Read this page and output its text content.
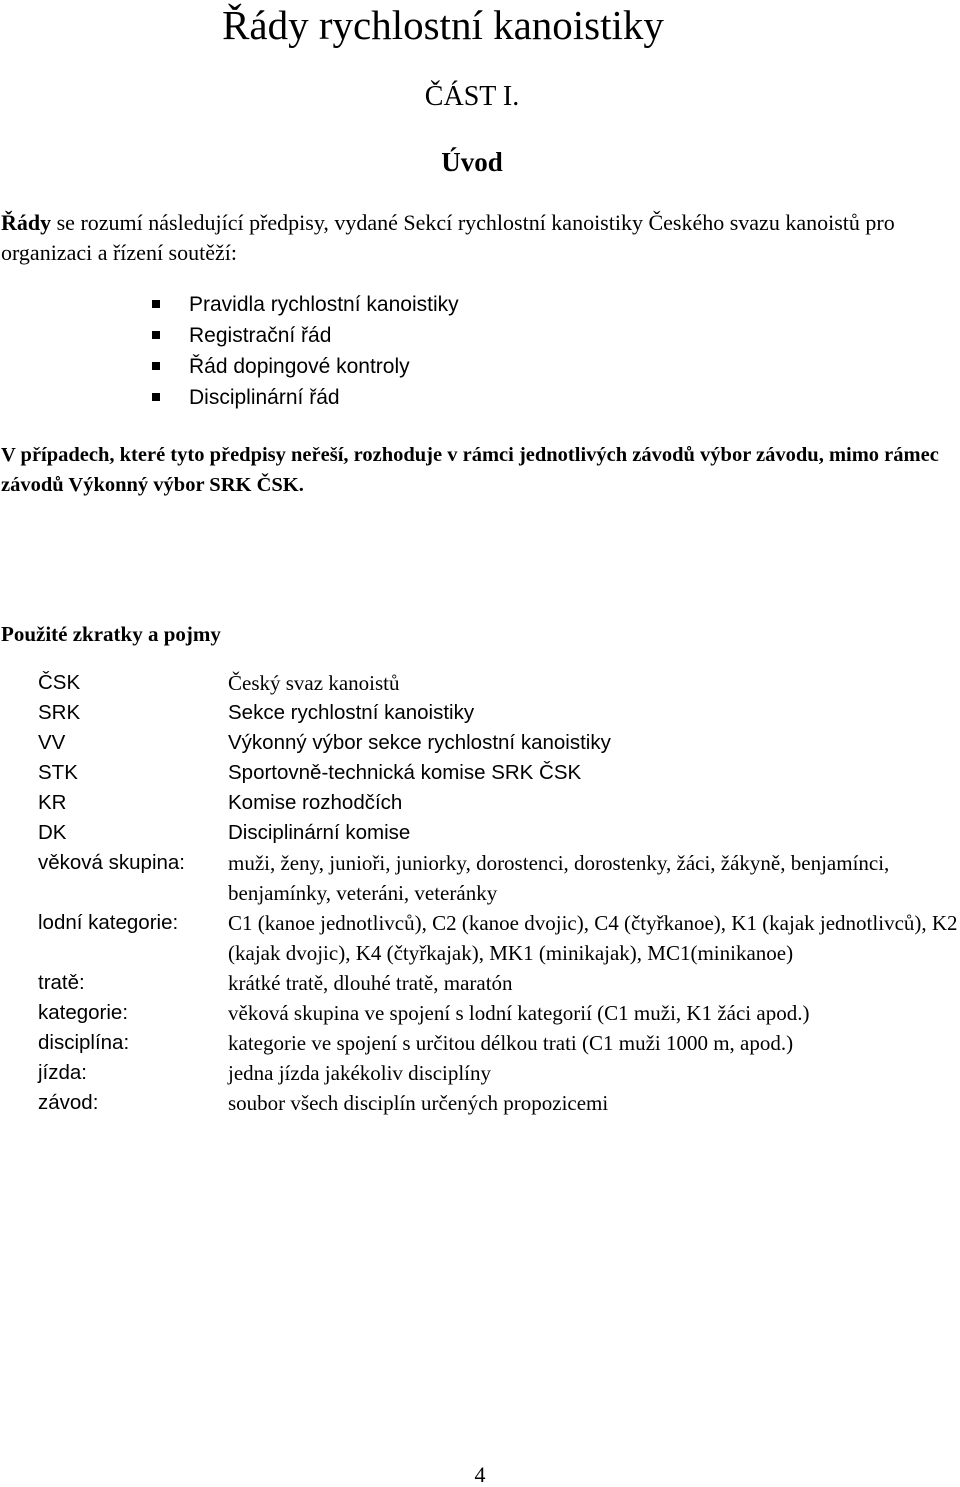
Řády rychlostní kanoistiky
ČÁST I.
Úvod
Řády se rozumí následující předpisy, vydané Sekcí rychlostní kanoistiky Českého svazu kanoistů pro organizaci a řízení soutěží:
Pravidla rychlostní kanoistiky
Registrační řád
Řád dopingové kontroly
Disciplinární řád
V případech, které tyto předpisy neřeší, rozhoduje v rámci jednotlivých závodů výbor závodu, mimo rámec závodů Výkonný výbor SRK ČSK.
Použité zkratky a pojmy
ČSK	Český svaz kanoistů
SRK	Sekce rychlostní kanoistiky
VV	Výkonný výbor sekce rychlostní kanoistiky
STK	Sportovně-technická komise SRK ČSK
KR	Komise rozhodčích
DK	Disciplinární komise
věková skupina: muži, ženy, junioři, juniorky, dorostenci, dorostenky, žáci, žákyně, benjamínci, benjamínky, veteráni, veteránky
lodní kategorie: C1 (kanoe jednotlivců), C2 (kanoe dvojic), C4 (čtyřkanoe), K1 (kajak jednotlivců), K2 (kajak dvojic), K4 (čtyřkajak), MK1 (minikajak), MC1(minikanoe)
tratě:	krátké tratě, dlouhé tratě, maratón
kategorie:	věková skupina ve spojení s lodní kategorií (C1 muži, K1 žáci apod.)
disciplína:	kategorie ve spojení s určitou délkou trati (C1 muži 1000 m, apod.)
jízda:	jedna jízda jakékoliv disciplíny
závod:	soubor všech disciplín určených propozicemi
4
